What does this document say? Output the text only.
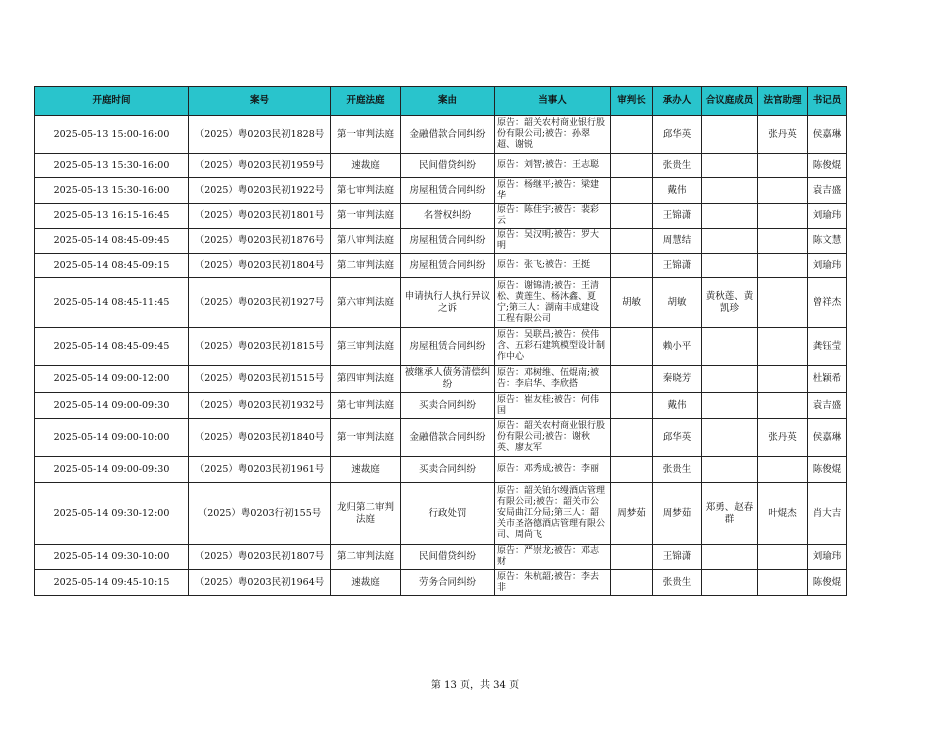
开庭时间	案号	开庭法庭	案由	当事人	审判长	承办人	合议庭成员	法官助理	书记员
2025-05-13 15:00-16:00	（2025）粤0203民初1828号	第一审判法庭	金融借款合同纠纷	原告：韶关农村商业银行股份有限公司;被告：孙翠超、谢锐		邱华英		张丹英	侯嘉琳
2025-05-13 15:30-16:00	（2025）粤0203民初1959号	速裁庭	民间借贷纠纷	原告：刘智;被告：王志聪		张贵生			陈俊焜
2025-05-13 15:30-16:00	（2025）粤0203民初1922号	第七审判法庭	房屋租赁合同纠纷	原告：杨继平;被告：梁建华		戴伟			袁吉盛
2025-05-13 16:15-16:45	（2025）粤0203民初1801号	第一审判法庭	名誉权纠纷	原告：陈佳宇;被告：裴彩云		王锦潇			刘瑜玮
2025-05-14 08:45-09:45	（2025）粤0203民初1876号	第八审判法庭	房屋租赁合同纠纷	原告：吴汉明;被告：罗大明		周慧结			陈文慧
2025-05-14 08:45-09:15	（2025）粤0203民初1804号	第二审判法庭	房屋租赁合同纠纷	原告：张飞;被告：王挺		王锦潇			刘瑜玮
2025-05-14 08:45-11:45	（2025）粤0203民初1927号	第六审判法庭	申请执行人执行异议之诉	原告：谢锦清;被告：王清松、黄莲生、杨沐鑫、夏宁;第三人：湖南丰成建设工程有限公司	胡敏	胡敏	黄秋莲、黄凯珍		曾祥杰
2025-05-14 08:45-09:45	（2025）粤0203民初1815号	第三审判法庭	房屋租赁合同纠纷	原告：吴联昌;被告：侯伟含、五彩石建筑模型设计制作中心		赖小平			龚钰莹
2025-05-14 09:00-12:00	（2025）粤0203民初1515号	第四审判法庭	被继承人债务清偿纠纷	原告：邓树维、伍焜南;被告：李启华、李欣搭		秦晓芳			杜颖希
2025-05-14 09:00-09:30	（2025）粤0203民初1932号	第七审判法庭	买卖合同纠纷	原告：崔友桂;被告：何伟国		戴伟			袁吉盛
2025-05-14 09:00-10:00	（2025）粤0203民初1840号	第一审判法庭	金融借款合同纠纷	原告：韶关农村商业银行股份有限公司;被告：谢秋英、廖友军		邱华英		张丹英	侯嘉琳
2025-05-14 09:00-09:30	（2025）粤0203民初1961号	速裁庭	买卖合同纠纷	原告：邓秀成;被告：李丽		张贵生			陈俊焜
2025-05-14 09:30-12:00	（2025）粤0203行初155号	龙归第二审判法庭	行政处罚	原告：韶关铂尔缦酒店管理有限公司;被告：韶关市公安局曲江分局;第三人：韶关市圣洛德酒店管理有限公司、周尚飞	周梦茹	周梦茹	郑勇、赵春群	叶焜杰	肖大吉
2025-05-14 09:30-10:00	（2025）粤0203民初1807号	第二审判法庭	民间借贷纠纷	原告：严崇龙;被告：邓志财		王锦潇			刘瑜玮
2025-05-14 09:45-10:15	（2025）粤0203民初1964号	速裁庭	劳务合同纠纷	原告：朱杭韶;被告：李去非		张贵生			陈俊焜
第 13 页，共 34 页
